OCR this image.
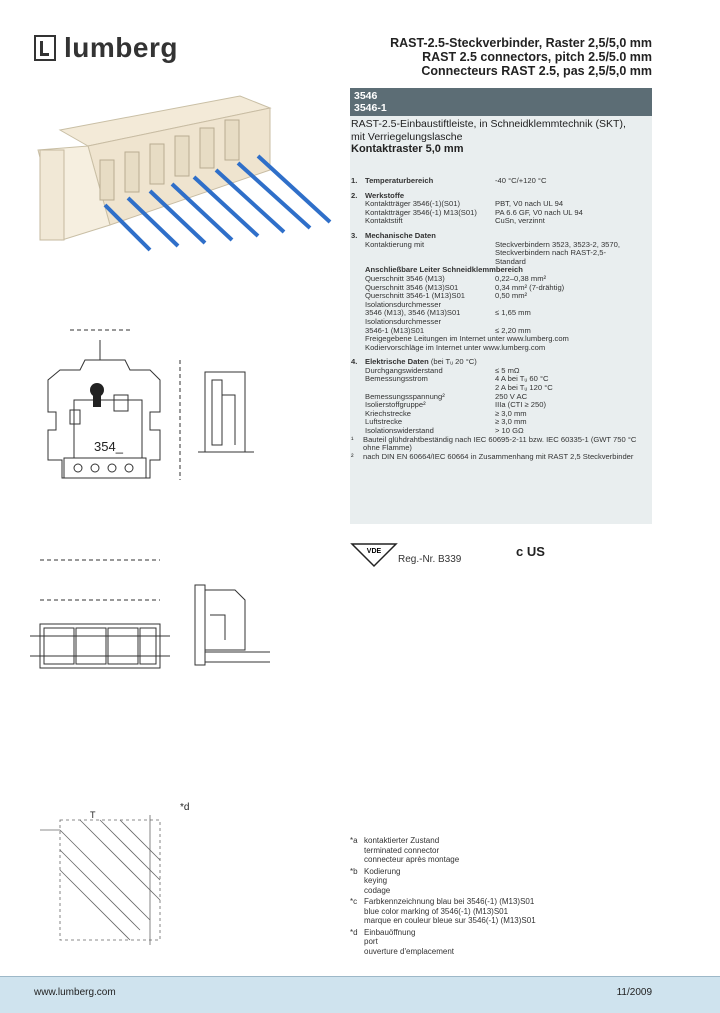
lumberg	RAST-2.5-Steckverbinder, Raster 2,5/5,0 mm
RAST 2.5 connectors, pitch 2.5/5.0 mm
Connecteurs RAST 2.5, pas 2,5/5,0 mm
354_
*d
T
3546
3546-1
RAST-2.5-Einbaustiftleiste, in Schneidklemmtechnik (SKT),
mit Verriegelungslasche
Kontaktraster 5,0 mm
1. Temperaturbereich	-40 °C/+120 °C
2. Werkstoffe
Kontaktträger 3546(-1)(S01)	PBT, V0 nach UL 94
Kontaktträger 3546(-1) M13(S01)	PA 6.6 GF, V0 nach UL 94
Kontaktstift	CuSn, verzinnt
3. Mechanische Daten
Kontaktierung mit	Steckverbindern 3523, 3523-2, 3570,
Steckverbindern nach RAST-2,5-
Standard
Anschließbare Leiter Schneidklemmbereich
Querschnitt 3546 (M13)	0,22–0,38 mm²
Querschnitt 3546 (M13)S01	0,34 mm² (7-drähtig)
Querschnitt 3546-1 (M13)S01	0,50 mm²
Isolationsdurchmesser
3546 (M13), 3546 (M13)S01	≤ 1,65 mm
Isolationsdurchmesser
3546-1 (M13)S01	≤ 2,20 mm
Freigegebene Leitungen im Internet unter www.lumberg.com
Kodiervorschläge im Internet unter www.lumberg.com
4. Elektrische Daten (bei Tᵤ 20 °C)
Durchgangswiderstand	≤ 5 mΩ
Bemessungsstrom	4 A bei Tᵤ 60 °C
2 A bei Tᵤ 120 °C
Bemessungsspannung²	250 V AC
Isolierstoffgruppe²	IIIa (CTI ≥ 250)
Kriechstrecke	≥ 3,0 mm
Luftstrecke	≥ 3,0 mm
Isolationswiderstand	> 10 GΩ
¹	Bauteil glühdrahtbeständig nach IEC 60695-2-11 bzw. IEC 60335-1 (GWT 750 °C ohne Flamme)
²	nach DIN EN 60664/IEC 60664 in Zusammenhang mit RAST 2,5 Steckverbinder
VDE
Reg.-Nr. B339
c US
*a kontaktierter Zustand
terminated connector
connecteur après montage
*b Kodierung
keying
codage
*c Farbkennzeichnung blau bei 3546(-1) (M13)S01
blue color marking of 3546(-1) (M13)S01
marque en couleur bleue sur 3546(-1) (M13)S01
*d Einbauöffnung
port
ouverture d'emplacement
www.lumberg.com	11/2009
